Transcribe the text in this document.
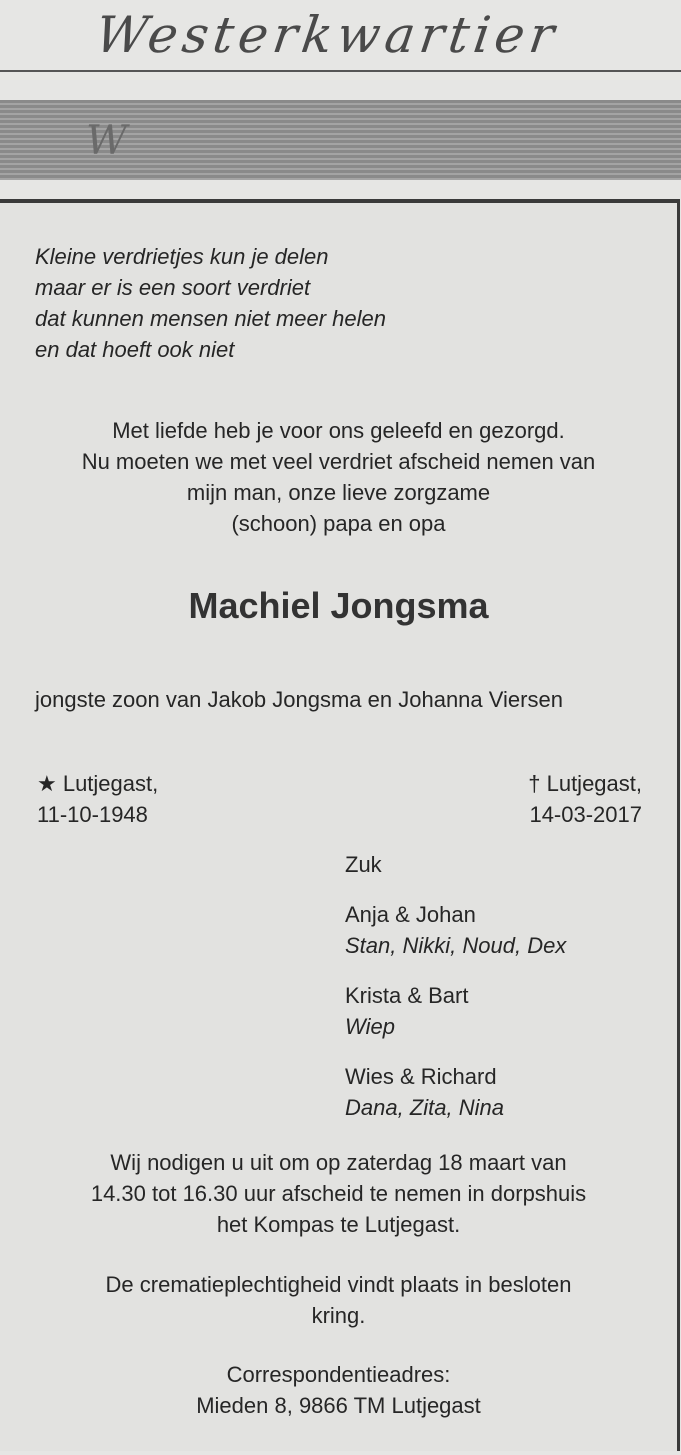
Westerkwartier
W
Kleine verdrietjes kun je delen
maar er is een soort verdriet
dat kunnen mensen niet meer helen
en dat hoeft ook niet
Met liefde heb je voor ons geleefd en gezorgd.
Nu moeten we met veel verdriet afscheid nemen van
mijn man, onze lieve zorgzame
(schoon) papa en opa
Machiel Jongsma
jongste zoon van Jakob Jongsma en Johanna Viersen
★ Lutjegast,
11-10-1948
† Lutjegast,
14-03-2017
Zuk
Anja & Johan
Stan, Nikki, Noud, Dex
Krista & Bart
Wiep
Wies & Richard
Dana, Zita, Nina
Wij nodigen u uit om op zaterdag 18 maart van
14.30 tot 16.30 uur afscheid te nemen in dorpshuis
het Kompas te Lutjegast.
De crematieplechtigheid vindt plaats in besloten
kring.
Correspondentieadres:
Mieden 8, 9866 TM Lutjegast
